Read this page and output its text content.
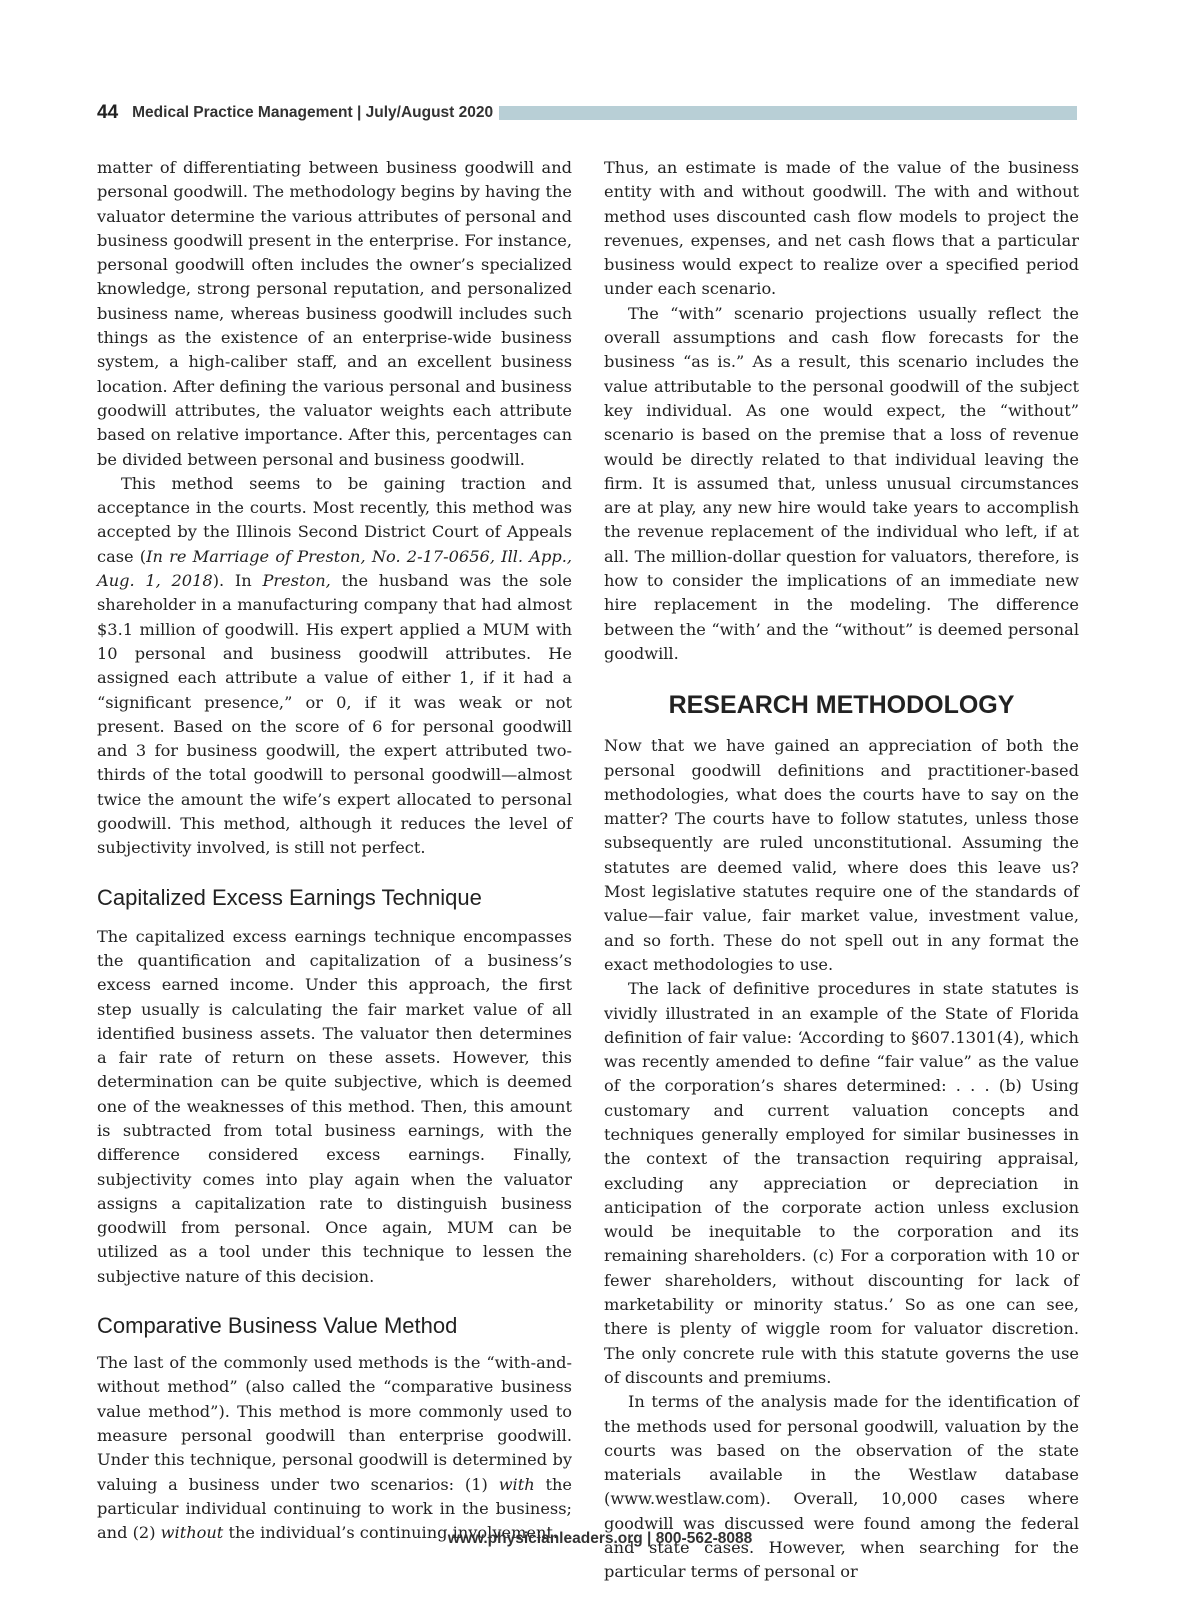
44 Medical Practice Management | July/August 2020

matter of differentiating between business goodwill and personal goodwill. The methodology begins by having the valuator determine the various attributes of personal and business goodwill present in the enterprise. For instance, personal goodwill often includes the owner’s specialized knowledge, strong personal reputation, and personalized business name, whereas business goodwill includes such things as the existence of an enterprise-wide business system, a high-caliber staff, and an excellent business location. After defining the various personal and business goodwill attributes, the valuator weights each attribute based on relative importance. After this, percentages can be divided between personal and business goodwill.

This method seems to be gaining traction and acceptance in the courts. Most recently, this method was accepted by the Illinois Second District Court of Appeals case (In re Marriage of Preston, No. 2-17-0656, Ill. App., Aug. 1, 2018). In Preston, the husband was the sole shareholder in a manufacturing company that had almost $3.1 million of goodwill. His expert applied a MUM with 10 personal and business goodwill attributes. He assigned each attribute a value of either 1, if it had a “significant presence,” or 0, if it was weak or not present. Based on the score of 6 for personal goodwill and 3 for business goodwill, the expert attributed two-thirds of the total goodwill to personal goodwill—almost twice the amount the wife’s expert allocated to personal goodwill. This method, although it reduces the level of subjectivity involved, is still not perfect.

Capitalized Excess Earnings Technique

The capitalized excess earnings technique encompasses the quantification and capitalization of a business’s excess earned income. Under this approach, the first step usually is calculating the fair market value of all identified business assets. The valuator then determines a fair rate of return on these assets. However, this determination can be quite subjective, which is deemed one of the weaknesses of this method. Then, this amount is subtracted from total business earnings, with the difference considered excess earnings. Finally, subjectivity comes into play again when the valuator assigns a capitalization rate to distinguish business goodwill from personal. Once again, MUM can be utilized as a tool under this technique to lessen the subjective nature of this decision.

Comparative Business Value Method

The last of the commonly used methods is the “with-and-without method” (also called the “comparative business value method”). This method is more commonly used to measure personal goodwill than enterprise goodwill. Under this technique, personal goodwill is determined by valuing a business under two scenarios: (1) with the particular individual continuing to work in the business; and (2) without the individual’s continuing involvement.

Thus, an estimate is made of the value of the business entity with and without goodwill. The with and without method uses discounted cash flow models to project the revenues, expenses, and net cash flows that a particular business would expect to realize over a specified period under each scenario.

The “with” scenario projections usually reflect the overall assumptions and cash flow forecasts for the business “as is.” As a result, this scenario includes the value attributable to the personal goodwill of the subject key individual. As one would expect, the “without” scenario is based on the premise that a loss of revenue would be directly related to that individual leaving the firm. It is assumed that, unless unusual circumstances are at play, any new hire would take years to accomplish the revenue replacement of the individual who left, if at all. The million-dollar question for valuators, therefore, is how to consider the implications of an immediate new hire replacement in the modeling. The difference between the “with’ and the “without” is deemed personal goodwill.

RESEARCH METHODOLOGY

Now that we have gained an appreciation of both the personal goodwill definitions and practitioner-based methodologies, what does the courts have to say on the matter? The courts have to follow statutes, unless those subsequently are ruled unconstitutional. Assuming the statutes are deemed valid, where does this leave us? Most legislative statutes require one of the standards of value—fair value, fair market value, investment value, and so forth. These do not spell out in any format the exact methodologies to use.

The lack of definitive procedures in state statutes is vividly illustrated in an example of the State of Florida definition of fair value: ‘According to §607.1301(4), which was recently amended to define “fair value” as the value of the corporation’s shares determined: . . . (b) Using customary and current valuation concepts and techniques generally employed for similar businesses in the context of the transaction requiring appraisal, excluding any appreciation or depreciation in anticipation of the corporate action unless exclusion would be inequitable to the corporation and its remaining shareholders. (c) For a corporation with 10 or fewer shareholders, without discounting for lack of marketability or minority status.’ So as one can see, there is plenty of wiggle room for valuator discretion. The only concrete rule with this statute governs the use of discounts and premiums.

In terms of the analysis made for the identification of the methods used for personal goodwill, valuation by the courts was based on the observation of the state materials available in the Westlaw database (www.westlaw.com). Overall, 10,000 cases where goodwill was discussed were found among the federal and state cases. However, when searching for the particular terms of personal or

www.physicianleaders.org | 800-562-8088
